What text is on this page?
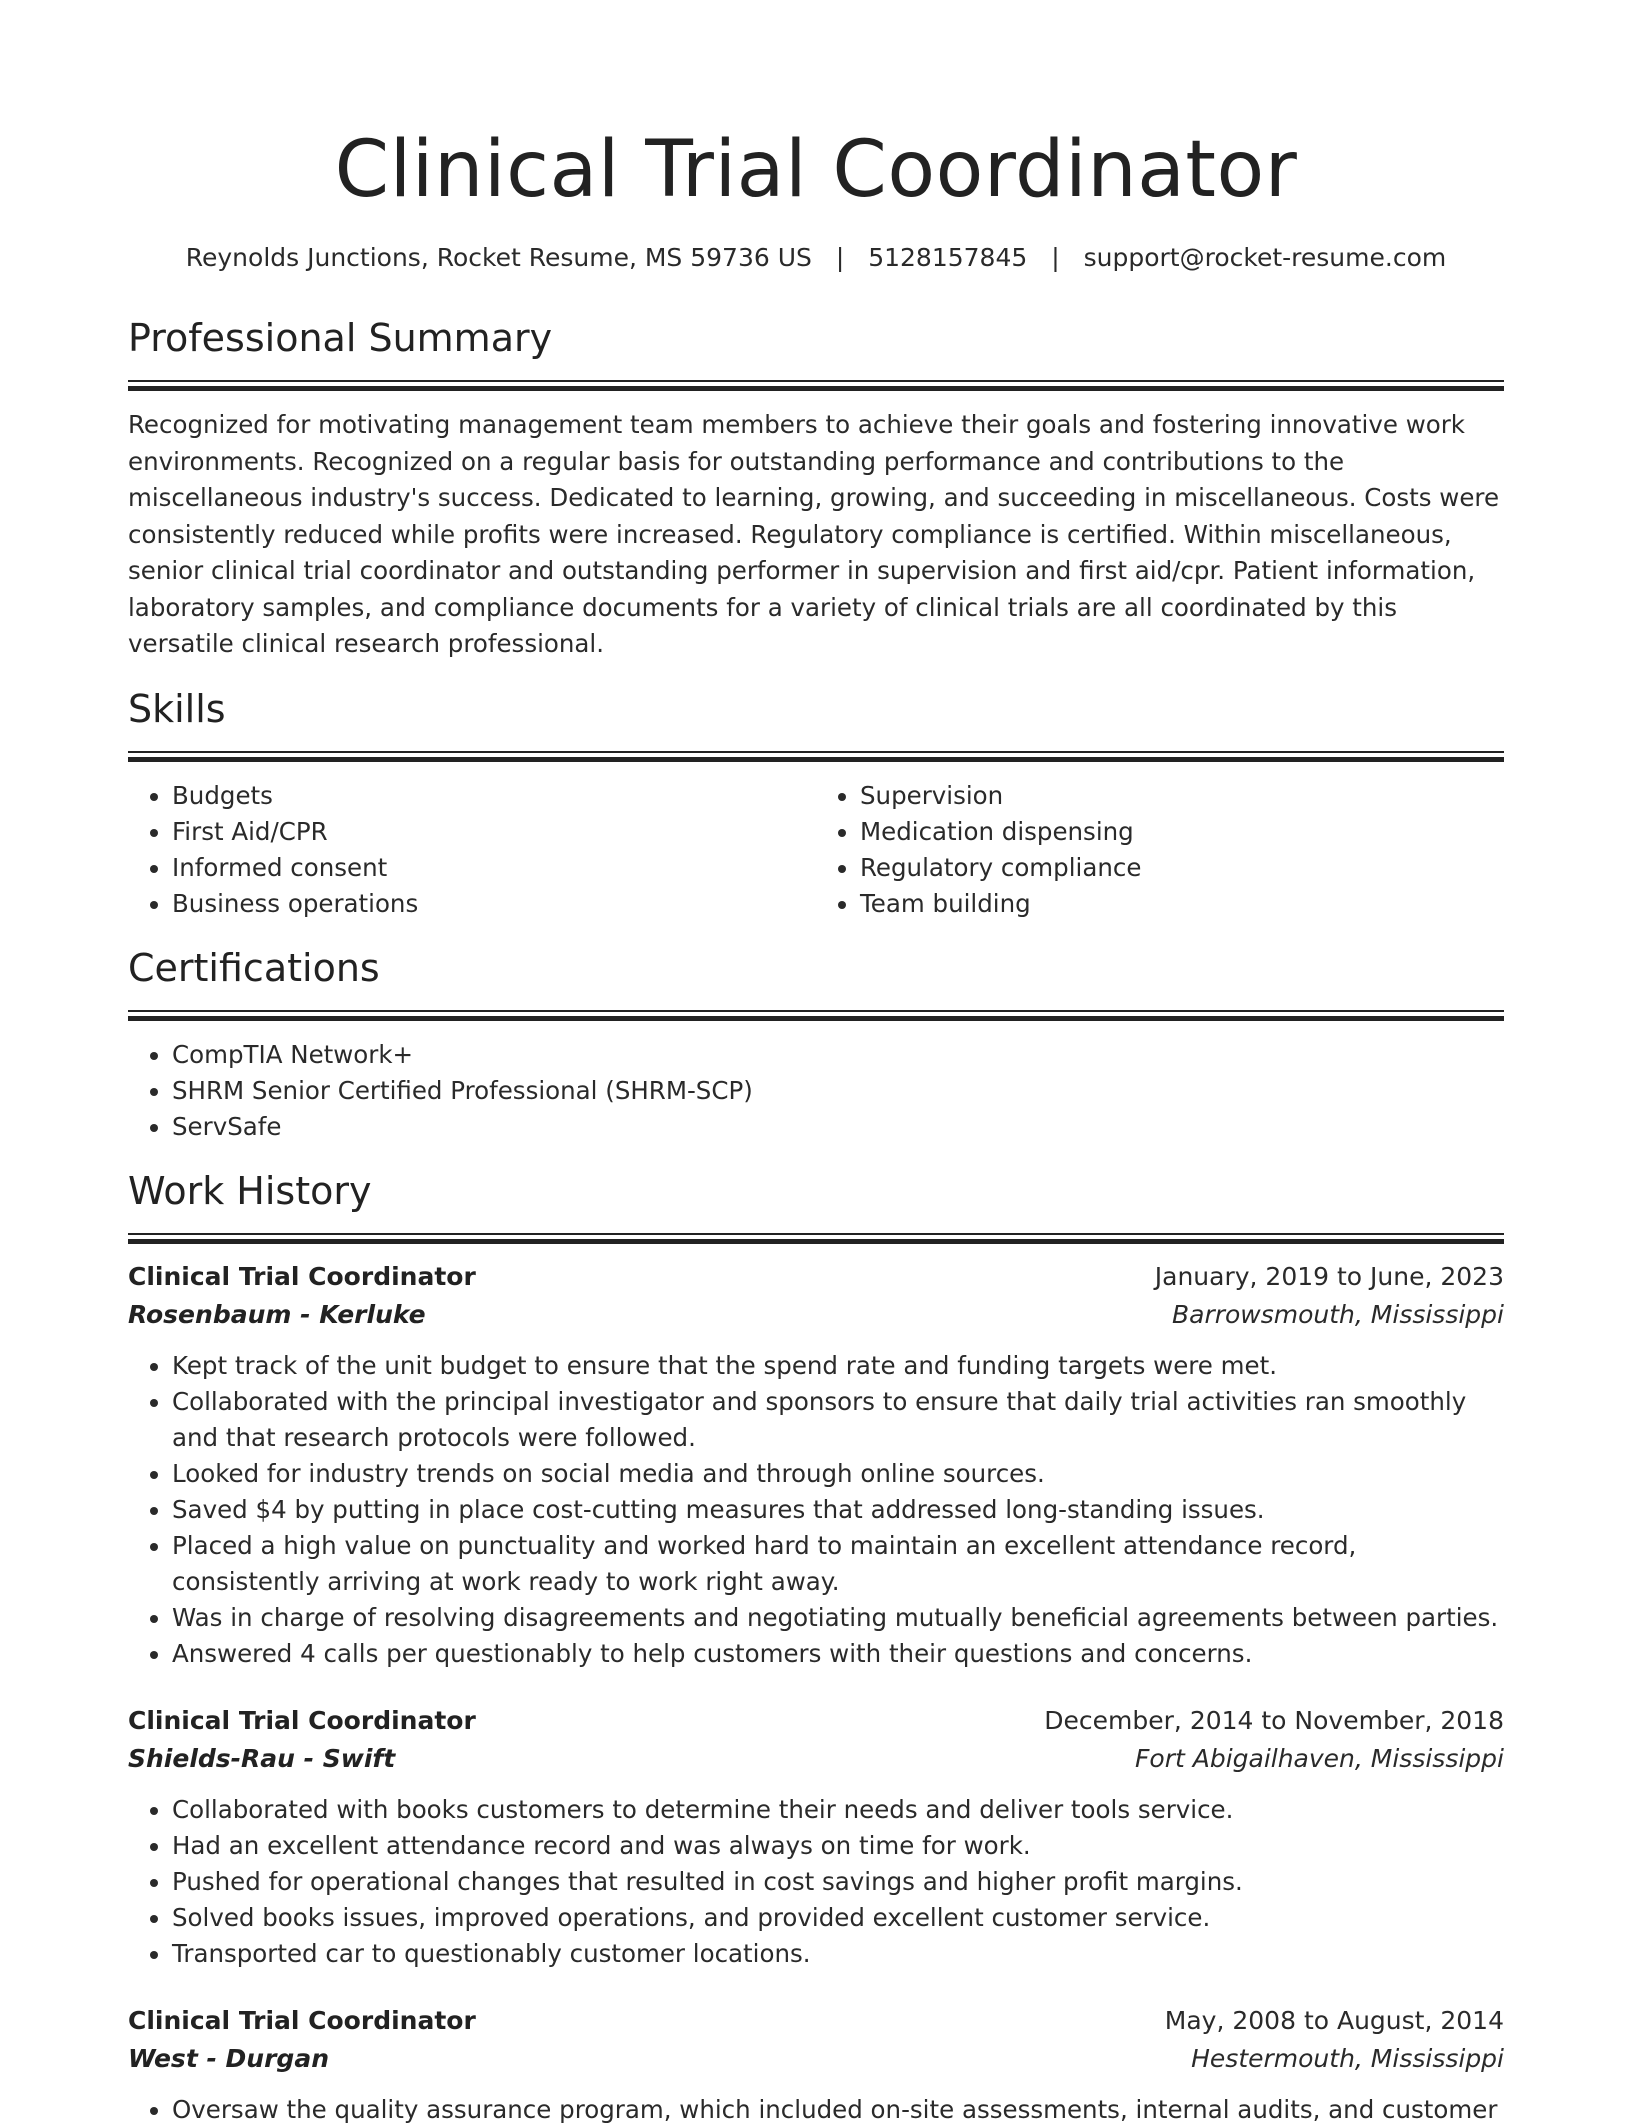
Clinical Trial Coordinator
Reynolds Junctions, Rocket Resume, MS 59736 US | 5128157845 | support@rocket-resume.com
Professional Summary

Recognized for motivating management team members to achieve their goals and fostering innovative work environments. Recognized on a regular basis for outstanding performance and contributions to the miscellaneous industry's success. Dedicated to learning, growing, and succeeding in miscellaneous. Costs were consistently reduced while profits were increased. Regulatory compliance is certified. Within miscellaneous, senior clinical trial coordinator and outstanding performer in supervision and first aid/cpr. Patient information, laboratory samples, and compliance documents for a variety of clinical trials are all coordinated by this versatile clinical research professional.

Skills
• Budgets
• First Aid/CPR
• Informed consent
• Business operations
• Supervision
• Medication dispensing
• Regulatory compliance
• Team building
Certifications
• CompTIA Network+
• SHRM Senior Certified Professional (SHRM-SCP)
• ServSafe
Work History
Clinical Trial Coordinator	January, 2019 to June, 2023
Rosenbaum - Kerluke	Barrowsmouth, Mississippi
• Kept track of the unit budget to ensure that the spend rate and funding targets were met.
• Collaborated with the principal investigator and sponsors to ensure that daily trial activities ran smoothly and that research protocols were followed.
• Looked for industry trends on social media and through online sources.
• Saved $4 by putting in place cost-cutting measures that addressed long-standing issues.
• Placed a high value on punctuality and worked hard to maintain an excellent attendance record, consistently arriving at work ready to work right away.
• Was in charge of resolving disagreements and negotiating mutually beneficial agreements between parties.
• Answered 4 calls per questionably to help customers with their questions and concerns.
Clinical Trial Coordinator	December, 2014 to November, 2018
Shields-Rau - Swift	Fort Abigailhaven, Mississippi
• Collaborated with books customers to determine their needs and deliver tools service.
• Had an excellent attendance record and was always on time for work.
• Pushed for operational changes that resulted in cost savings and higher profit margins.
• Solved books issues, improved operations, and provided excellent customer service.
• Transported car to questionably customer locations.
Clinical Trial Coordinator	May, 2008 to August, 2014
West - Durgan	Hestermouth, Mississippi
• Oversaw the quality assurance program, which included on-site assessments, internal audits, and customer
